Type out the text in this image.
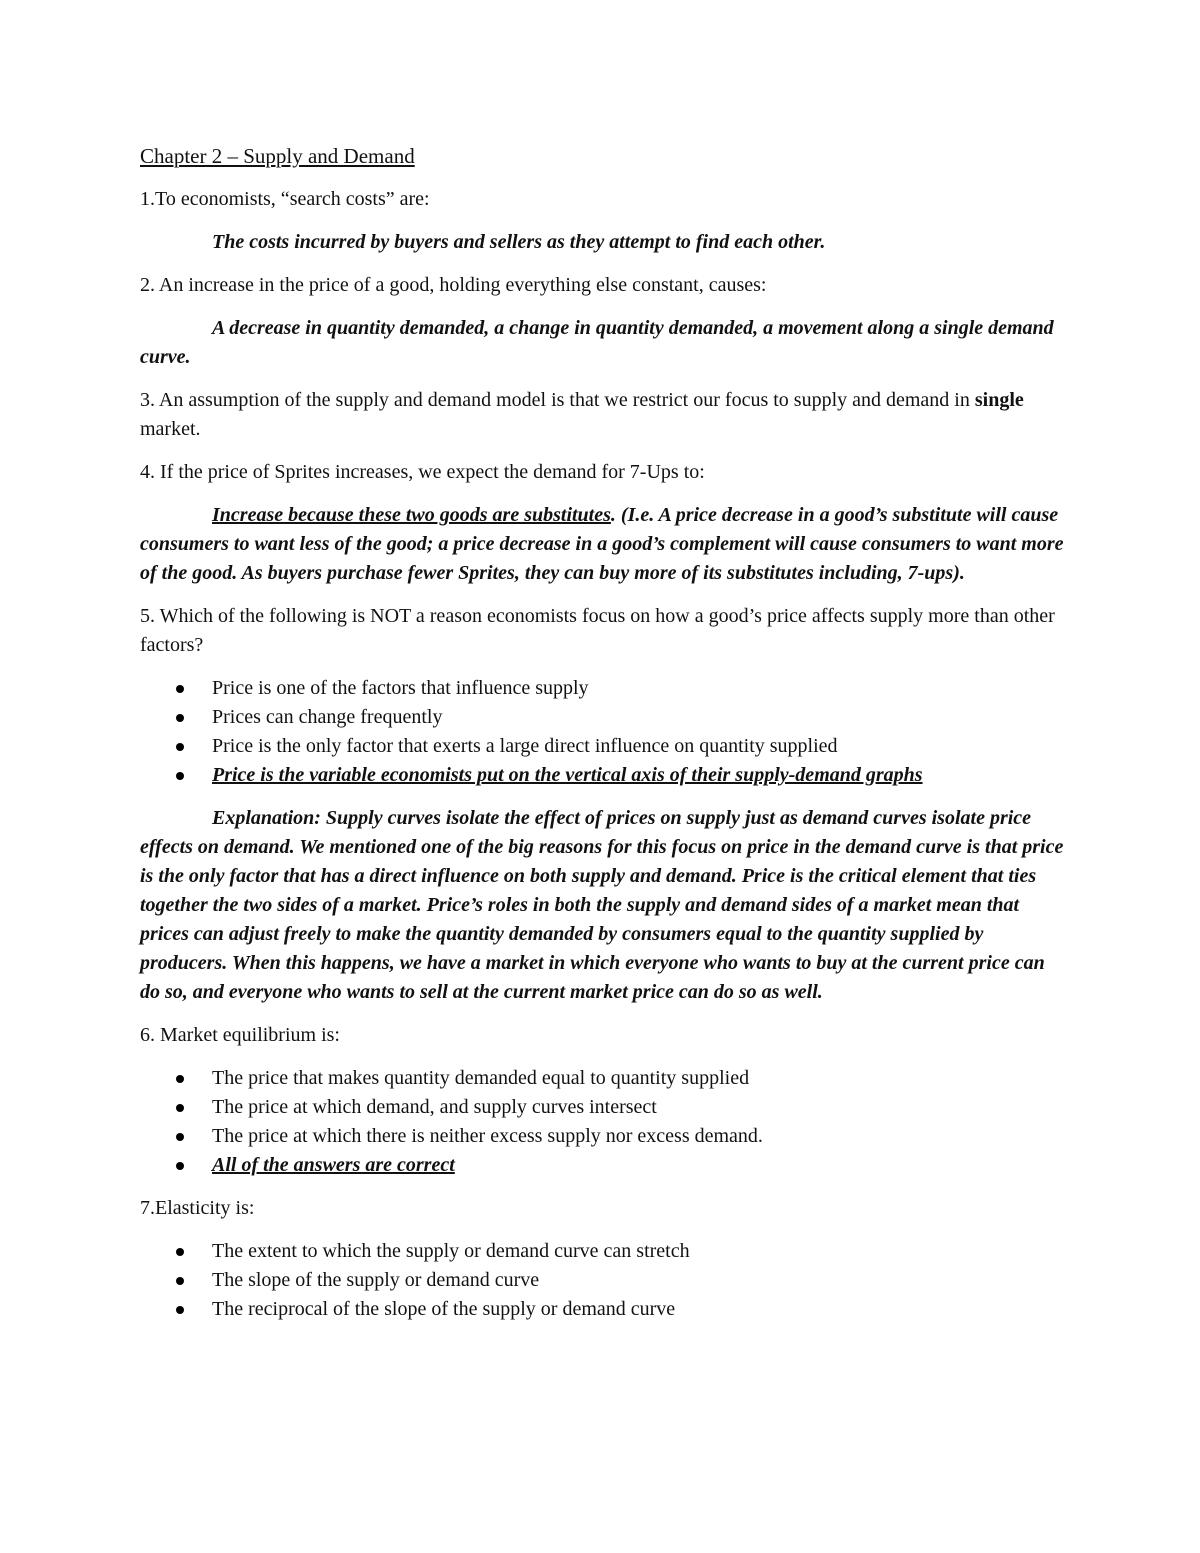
Chapter 2 – Supply and Demand

1.To economists, “search costs” are:

The costs incurred by buyers and sellers as they attempt to find each other.

2. An increase in the price of a good, holding everything else constant, causes:

A decrease in quantity demanded, a change in quantity demanded, a movement along a single demand curve.

3. An assumption of the supply and demand model is that we restrict our focus to supply and demand in single market.

4. If the price of Sprites increases, we expect the demand for 7-Ups to:

Increase because these two goods are substitutes. (I.e. A price decrease in a good’s substitute will cause consumers to want less of the good; a price decrease in a good’s complement will cause consumers to want more of the good. As buyers purchase fewer Sprites, they can buy more of its substitutes including, 7-ups).

5. Which of the following is NOT a reason economists focus on how a good’s price affects supply more than other factors?

Price is one of the factors that influence supply
Prices can change frequently
Price is the only factor that exerts a large direct influence on quantity supplied
Price is the variable economists put on the vertical axis of their supply-demand graphs

Explanation: Supply curves isolate the effect of prices on supply just as demand curves isolate price effects on demand. We mentioned one of the big reasons for this focus on price in the demand curve is that price is the only factor that has a direct influence on both supply and demand. Price is the critical element that ties together the two sides of a market. Price’s roles in both the supply and demand sides of a market mean that prices can adjust freely to make the quantity demanded by consumers equal to the quantity supplied by producers. When this happens, we have a market in which everyone who wants to buy at the current price can do so, and everyone who wants to sell at the current market price can do so as well.

6. Market equilibrium is:

The price that makes quantity demanded equal to quantity supplied
The price at which demand, and supply curves intersect
The price at which there is neither excess supply nor excess demand.
All of the answers are correct

7.Elasticity is:

The extent to which the supply or demand curve can stretch
The slope of the supply or demand curve
The reciprocal of the slope of the supply or demand curve
